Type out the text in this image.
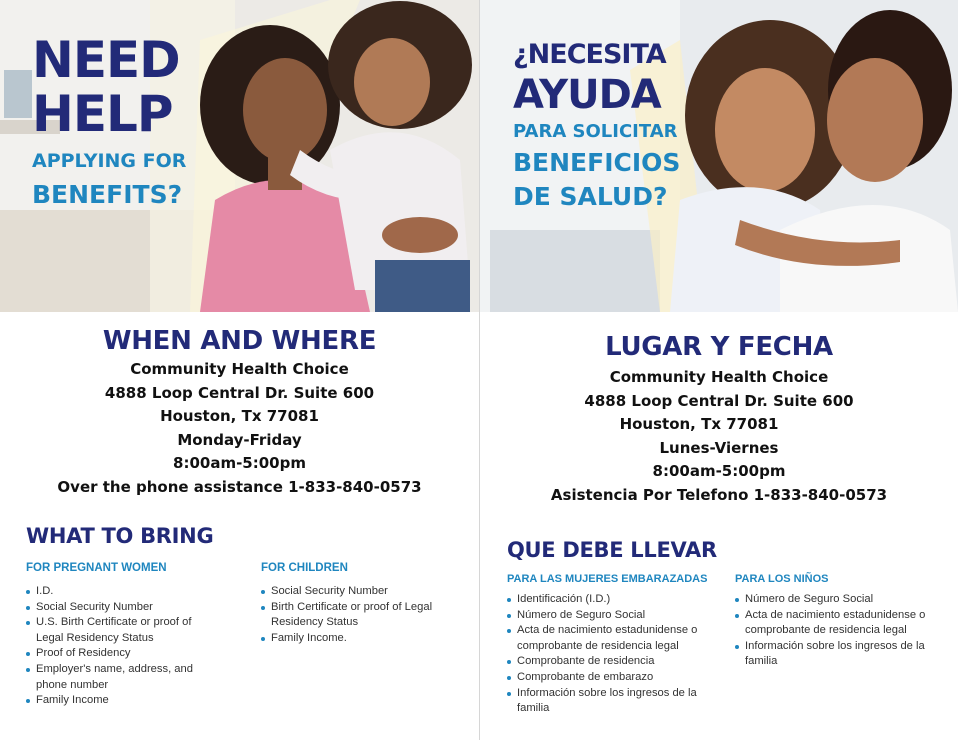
NEED
HELP
APPLYING FOR
BENEFITS?
WHEN AND WHERE
Community Health Choice
4888 Loop Central Dr. Suite 600
Houston, Tx 77081
Monday-Friday
8:00am-5:00pm
Over the phone assistance 1-833-840-0573
WHAT TO BRING
FOR PREGNANT WOMEN
I.D.
Social Security Number
U.S. Birth Certificate or proof of Legal Residency Status
Proof of Residency
Employer's name, address, and phone number
Family Income
FOR CHILDREN
Social Security Number
Birth Certificate or proof of Legal Residency Status
Family Income.
¿NECESITA
AYUDA
PARA SOLICITAR
BENEFICIOS
DE SALUD?
LUGAR Y FECHA
Community Health Choice
4888 Loop Central Dr. Suite 600
Houston, Tx 77081
Lunes-Viernes
8:00am-5:00pm
Asistencia Por Telefono 1-833-840-0573
QUE DEBE LLEVAR
PARA LAS MUJERES EMBARAZADAS
Identificación (I.D.)
Número de Seguro Social
Acta de nacimiento estadunidense o comprobante de residencia legal
Comprobante de residencia
Comprobante de embarazo
Información sobre los ingresos de la familia
PARA LOS NIÑOS
Número de Seguro Social
Acta de nacimiento estadunidense o comprobante de residencia legal
Información sobre los ingresos de la familia
